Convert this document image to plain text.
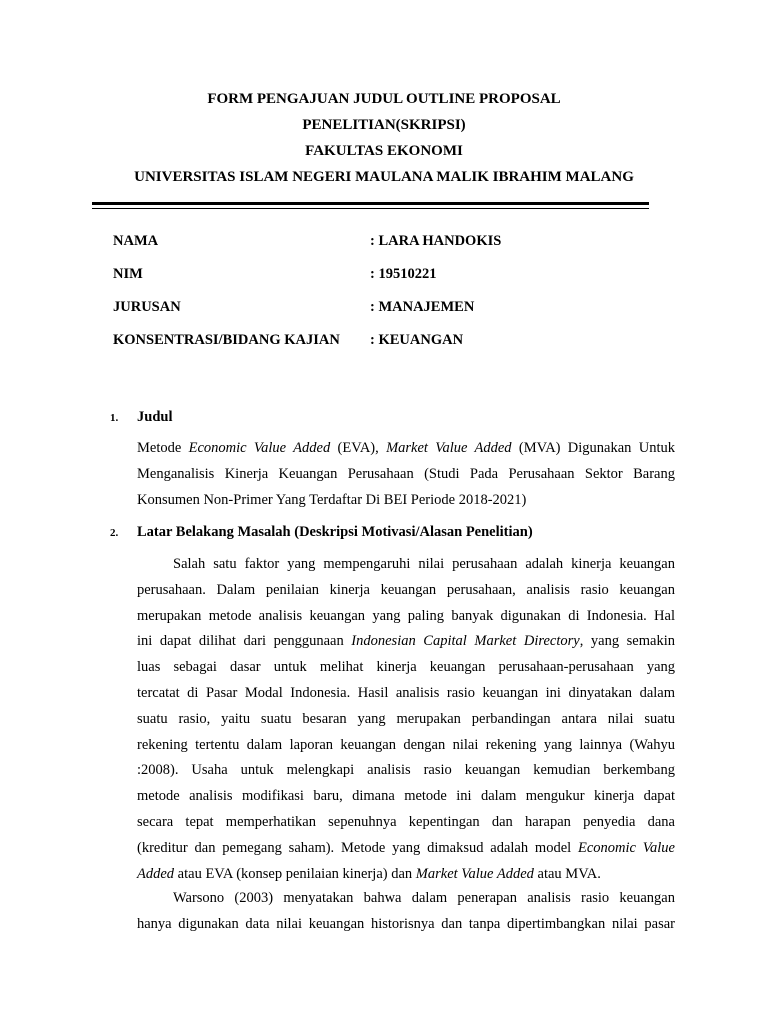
FORM PENGAJUAN JUDUL OUTLINE PROPOSAL
PENELITIAN(SKRIPSI)
FAKULTAS EKONOMI
UNIVERSITAS ISLAM NEGERI MAULANA MALIK IBRAHIM MALANG
NAMA	: LARA HANDOKIS
NIM	: 19510221
JURUSAN	: MANAJEMEN
KONSENTRASI/BIDANG KAJIAN : KEUANGAN
1. Judul
Metode Economic Value Added (EVA), Market Value Added (MVA) Digunakan Untuk
Menganalisis Kinerja Keuangan Perusahaan (Studi Pada Perusahaan Sektor Barang
Konsumen Non-Primer Yang Terdaftar Di BEI Periode 2018-2021)
2. Latar Belakang Masalah (Deskripsi Motivasi/Alasan Penelitian)
Salah satu faktor yang mempengaruhi nilai perusahaan adalah kinerja keuangan
perusahaan. Dalam penilaian kinerja keuangan perusahaan, analisis rasio keuangan
merupakan metode analisis keuangan yang paling banyak digunakan di Indonesia. Hal
ini dapat dilihat dari penggunaan Indonesian Capital Market Directory, yang semakin
luas sebagai dasar untuk melihat kinerja keuangan perusahaan-perusahaan yang
tercatat di Pasar Modal Indonesia. Hasil analisis rasio keuangan ini dinyatakan dalam
suatu rasio, yaitu suatu besaran yang merupakan perbandingan antara nilai suatu
rekening tertentu dalam laporan keuangan dengan nilai rekening yang lainnya (Wahyu
:2008). Usaha untuk melengkapi analisis rasio keuangan kemudian berkembang
metode analisis modifikasi baru, dimana metode ini dalam mengukur kinerja dapat
secara tepat memperhatikan sepenuhnya kepentingan dan harapan penyedia dana
(kreditur dan pemegang saham). Metode yang dimaksud adalah model Economic Value
Added atau EVA (konsep penilaian kinerja) dan Market Value Added atau MVA.
Warsono (2003) menyatakan bahwa dalam penerapan analisis rasio keuangan
hanya digunakan data nilai keuangan historisnya dan tanpa dipertimbangkan nilai pasar
